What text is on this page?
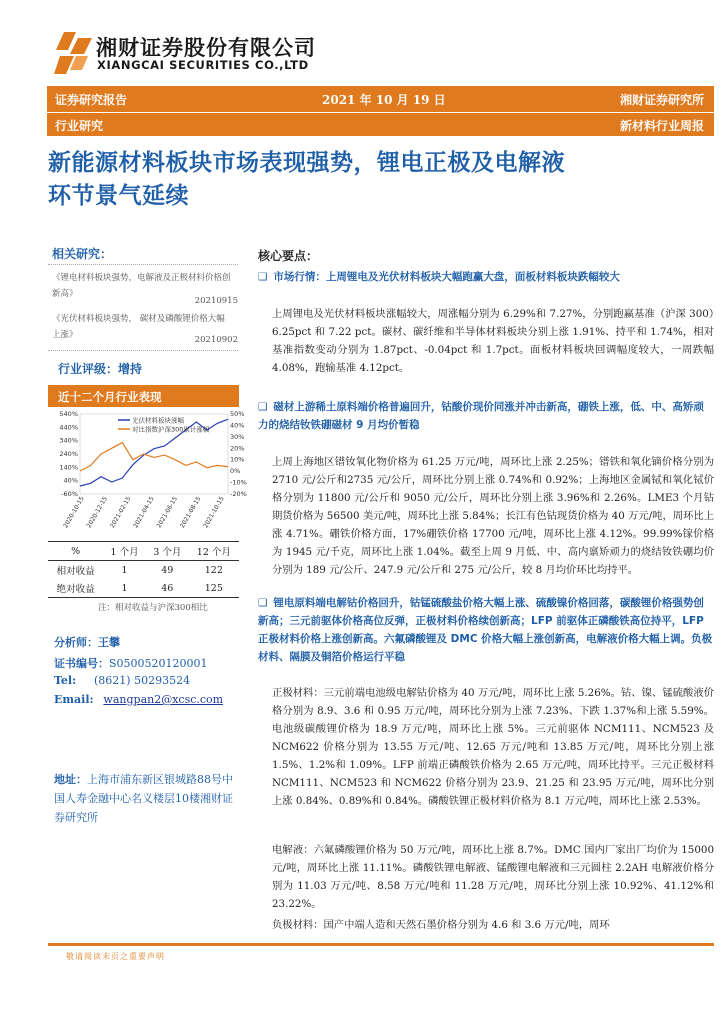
湘财证券股份有限公司
XIANGCAI SECURITIES CO.,LTD
证券研究报告	2021 年 10 月 19 日	湘财证券研究所
行业研究	新材料行业周报
新能源材料板块市场表现强势，锂电正极及电解液
环节景气延续
相关研究：
《锂电材料板块强势，电解液及正极材料价格创新高》
20210915
《光伏材料板块强势， 碳材及磷酸锂价格大幅上涨》	20210902
行业评级：增持
近十二个月行业表现
540%
440%
340%
240%
140%
40%
-60%
50%
40%
30%
20%
10%
0%
-10%
-20%
2020-10-15 2020-12-15 2021-02-15 2021-04-15 2021-06-15 2021-08-15 2021-10-15
光伏材料板块涨幅
对比指数沪深300累计涨幅
%	1 个月	3 个月	12 个月
相对收益	1	49	122
绝对收益	1	46	125
注：相对收益与沪深300相比
分析师：王攀
证书编号：S0500520120001
Tel: (8621) 50293524
Email: wangpan2@xcsc.com
地址：上海市浦东新区银城路88号中国人寿金融中心名义楼层10楼湘财证券研究所
核心要点：
❑ 市场行情：上周锂电及光伏材料板块大幅跑赢大盘，面板材料板块跌幅较大
上周锂电及光伏材料板块涨幅较大，周涨幅分别为 6.29%和 7.27%，分别跑赢基准（沪深 300）6.25pct 和 7.22 pct。碳材、碳纤维和半导体材料板块分别上涨 1.91%、持平和 1.74%，相对基准指数变动分别为 1.87pct、-0.04pct 和 1.7pct。面板材料板块回调幅度较大，一周跌幅 4.08%，跑输基准 4.12pct。
❑ 磁材上游稀土原料端价格普遍回升，钴酸价现价同涨并冲击新高，硼铁上涨，低、中、高矫顽力的烧结钕铁硼磁材 9 月均价暂稳
上周上海地区镨钕氧化物价格为 61.25 万元/吨，周环比上涨 2.25%；镨铁和氧化镝价格分别为2710 元/公斤和2735 元/公斤，周环比分别上涨 0.74%和 0.92%；上海地区金属铽和氧化铽价格分别为 11800 元/公斤和 9050 元/公斤，周环比分别上涨 3.96%和 2.26%。LME3 个月钴期货价格为 56500 美元/吨，周环比上涨 5.84%；长江有色钴现货价格为 40 万元/吨，周环比上涨 4.71%。硼铁价格方面，17%硼铁价格 17700 元/吨，周环比上涨 4.12%。99.99%镓价格为 1945 元/千克，周环比上涨 1.04%。截至上周 9 月低、中、高内禀矫顽力的烧结钕铁硼均价分别为 189 元/公斤、247.9 元/公斤和 275 元/公斤，较 8 月均价环比均持平。
❑ 锂电原料端电解钴价格回升，钴锰硫酸盐价格大幅上涨、硫酸镍价格回落，碳酸锂价格强势创新高；三元前驱体价格高位反弹，正极材料价格续创新高；LFP 前驱体正磷酸铁高位持平，LFP 正极材料价格上涨创新高。六氟磷酸锂及 DMC 价格大幅上涨创新高，电解液价格大幅上调。负极材料、隔膜及铜箔价格运行平稳
正极材料：三元前端电池级电解钴价格为 40 万元/吨，周环比上涨 5.26%。钴、镍、锰硫酸液价格分别为 8.9、3.6 和 0.95 万元/吨，周环比分别为上涨 7.23%、下跌 1.37%和上涨 5.59%。电池级碳酸锂价格为 18.9 万元/吨，周环比上涨 5%。三元前驱体 NCM111、NCM523 及 NCM622 价格分别为 13.55 万元/吨、12.65 万元/吨和 13.85 万元/吨，周环比分别上涨 1.5%、1.2%和 1.09%。LFP 前端正磷酸铁价格为 2.65 万元/吨，周环比持平。三元正极材料 NCM111、NCM523 和 NCM622 价格分别为 23.9、21.25 和 23.95 万元/吨，周环比分别上涨 0.84%、0.89%和 0.84%。磷酸铁锂正极材料价格为 8.1 万元/吨，周环比上涨 2.53%。
电解液：六氟磷酸锂价格为 50 万元/吨，周环比上涨 8.7%。DMC 国内厂家出厂均价为 15000 元/吨，周环比上涨 11.11%。磷酸铁锂电解液、锰酸锂电解液和三元圆柱 2.2AH 电解液价格分别为 11.03 万元/吨、8.58 万元/吨和 11.28 万元/吨，周环比分别上涨 10.92%、41.12%和 23.22%。
负极材料：国产中端人造和天然石墨价格分别为 4.6 和 3.6 万元/吨，周环
敬请阅读末页之重要声明
